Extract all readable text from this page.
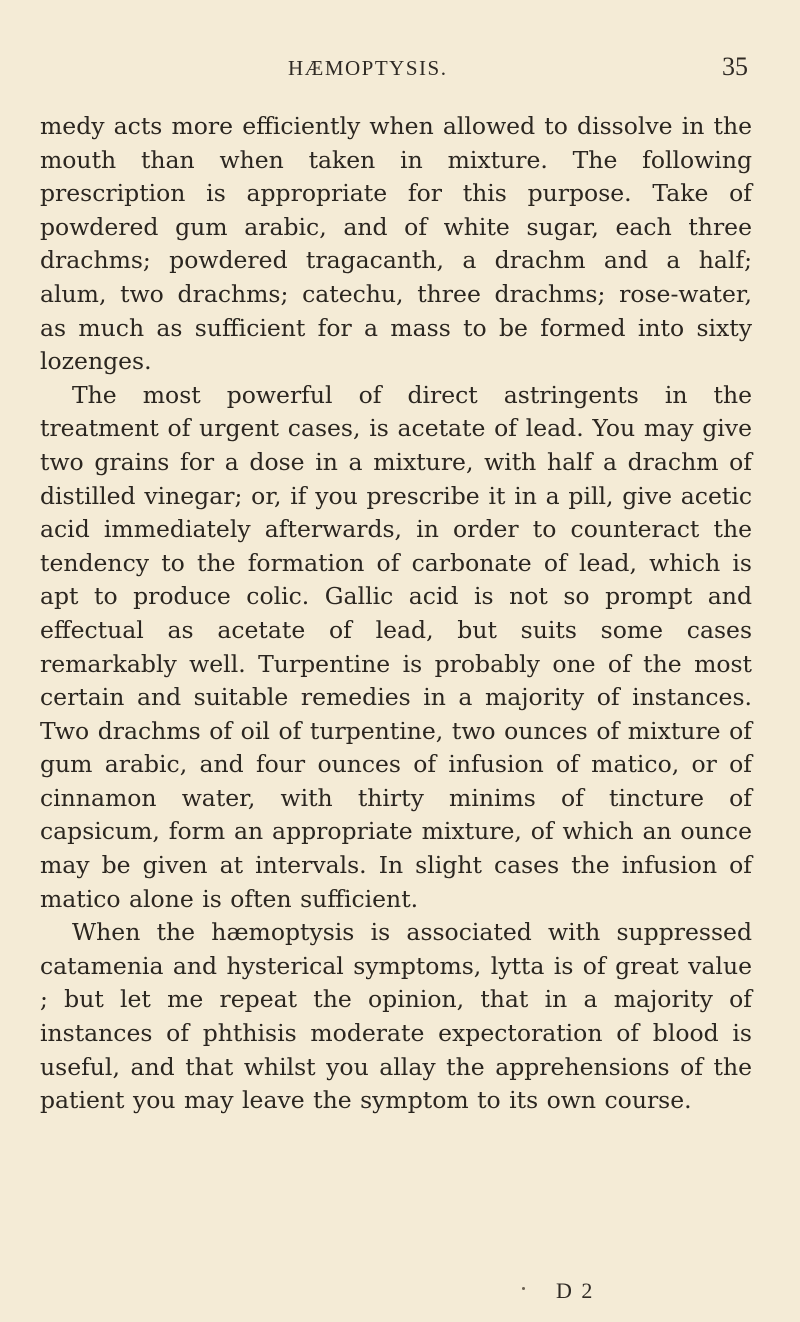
HÆMOPTYSIS.	35

medy acts more efficiently when allowed to dissolve in the mouth than when taken in mixture. The following prescription is appropriate for this purpose. Take of powdered gum arabic, and of white sugar, each three drachms; powdered tragacanth, a drachm and a half; alum, two drachms; catechu, three drachms; rose-water, as much as sufficient for a mass to be formed into sixty lozenges.

The most powerful of direct astringents in the treatment of urgent cases, is acetate of lead. You may give two grains for a dose in a mixture, with half a drachm of distilled vinegar; or, if you prescribe it in a pill, give acetic acid immediately afterwards, in order to counteract the tendency to the formation of carbonate of lead, which is apt to produce colic. Gallic acid is not so prompt and effectual as acetate of lead, but suits some cases remarkably well. Turpentine is probably one of the most certain and suitable remedies in a majority of instances. Two drachms of oil of turpentine, two ounces of mixture of gum arabic, and four ounces of infusion of matico, or of cinnamon water, with thirty minims of tincture of capsicum, form an appropriate mixture, of which an ounce may be given at intervals. In slight cases the infusion of matico alone is often sufficient.

When the hæmoptysis is associated with suppressed catamenia and hysterical symptoms, lytta is of great value ; but let me repeat the opinion, that in a majority of instances of phthisis moderate expectoration of blood is useful, and that whilst you allay the apprehensions of the patient you may leave the symptom to its own course.

D 2
